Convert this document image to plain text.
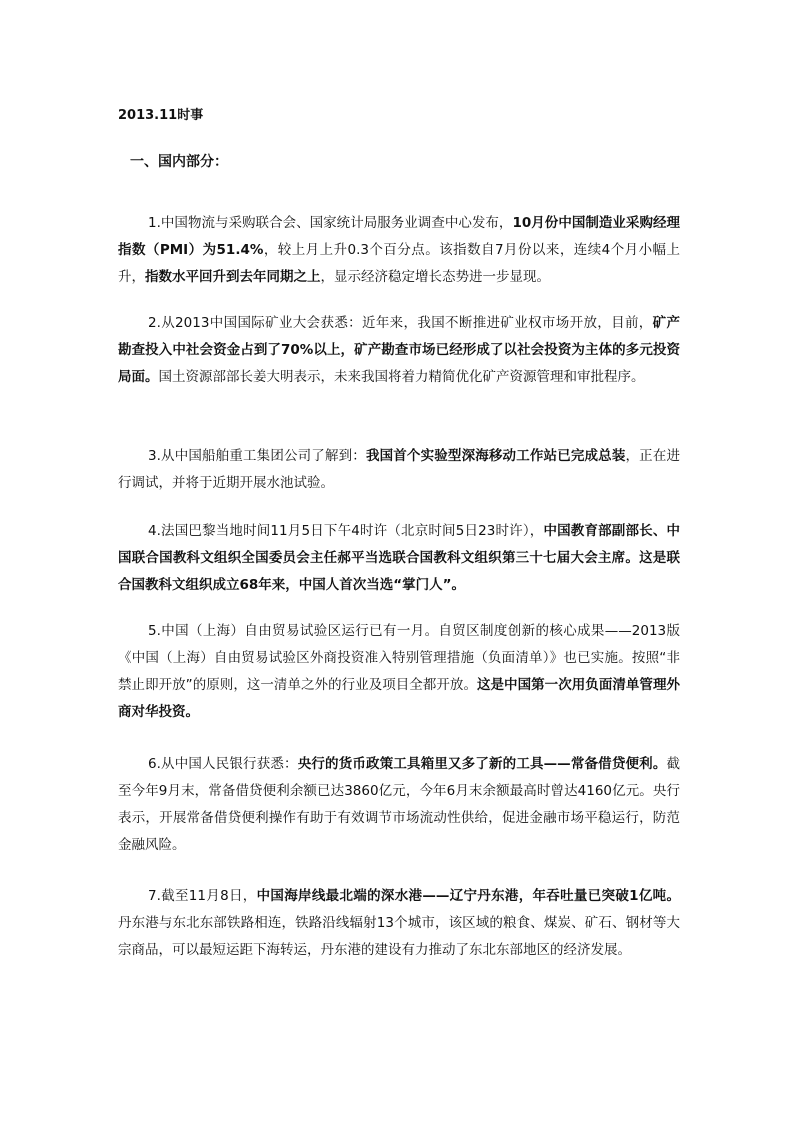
2013.11时事
一、国内部分：

1.中国物流与采购联合会、国家统计局服务业调查中心发布，10月份中国制造业采购经理指数（PMI）为51.4%，较上月上升0.3个百分点。该指数自7月份以来，连续4个月小幅上升，指数水平回升到去年同期之上，显示经济稳定增长态势进一步显现。

2.从2013中国国际矿业大会获悉：近年来，我国不断推进矿业权市场开放，目前，矿产勘查投入中社会资金占到了70%以上，矿产勘查市场已经形成了以社会投资为主体的多元投资局面。国土资源部部长姜大明表示，未来我国将着力精简优化矿产资源管理和审批程序。

3.从中国船舶重工集团公司了解到：我国首个实验型深海移动工作站已完成总装，正在进行调试，并将于近期开展水池试验。

4.法国巴黎当地时间11月5日下午4时许（北京时间5日23时许），中国教育部副部长、中国联合国教科文组织全国委员会主任郝平当选联合国教科文组织第三十七届大会主席。这是联合国教科文组织成立68年来，中国人首次当选“掌门人”。

5.中国（上海）自由贸易试验区运行已有一月。自贸区制度创新的核心成果——2013版《中国（上海）自由贸易试验区外商投资准入特别管理措施（负面清单）》也已实施。按照“非禁止即开放”的原则，这一清单之外的行业及项目全都开放。这是中国第一次用负面清单管理外商对华投资。

6.从中国人民银行获悉：央行的货币政策工具箱里又多了新的工具——常备借贷便利。截至今年9月末，常备借贷便利余额已达3860亿元，今年6月末余额最高时曾达4160亿元。央行表示，开展常备借贷便利操作有助于有效调节市场流动性供给，促进金融市场平稳运行，防范金融风险。

7.截至11月8日，中国海岸线最北端的深水港——辽宁丹东港，年吞吐量已突破1亿吨。丹东港与东北东部铁路相连，铁路沿线辐射13个城市，该区域的粮食、煤炭、矿石、钢材等大宗商品，可以最短运距下海转运，丹东港的建设有力推动了东北东部地区的经济发展。
